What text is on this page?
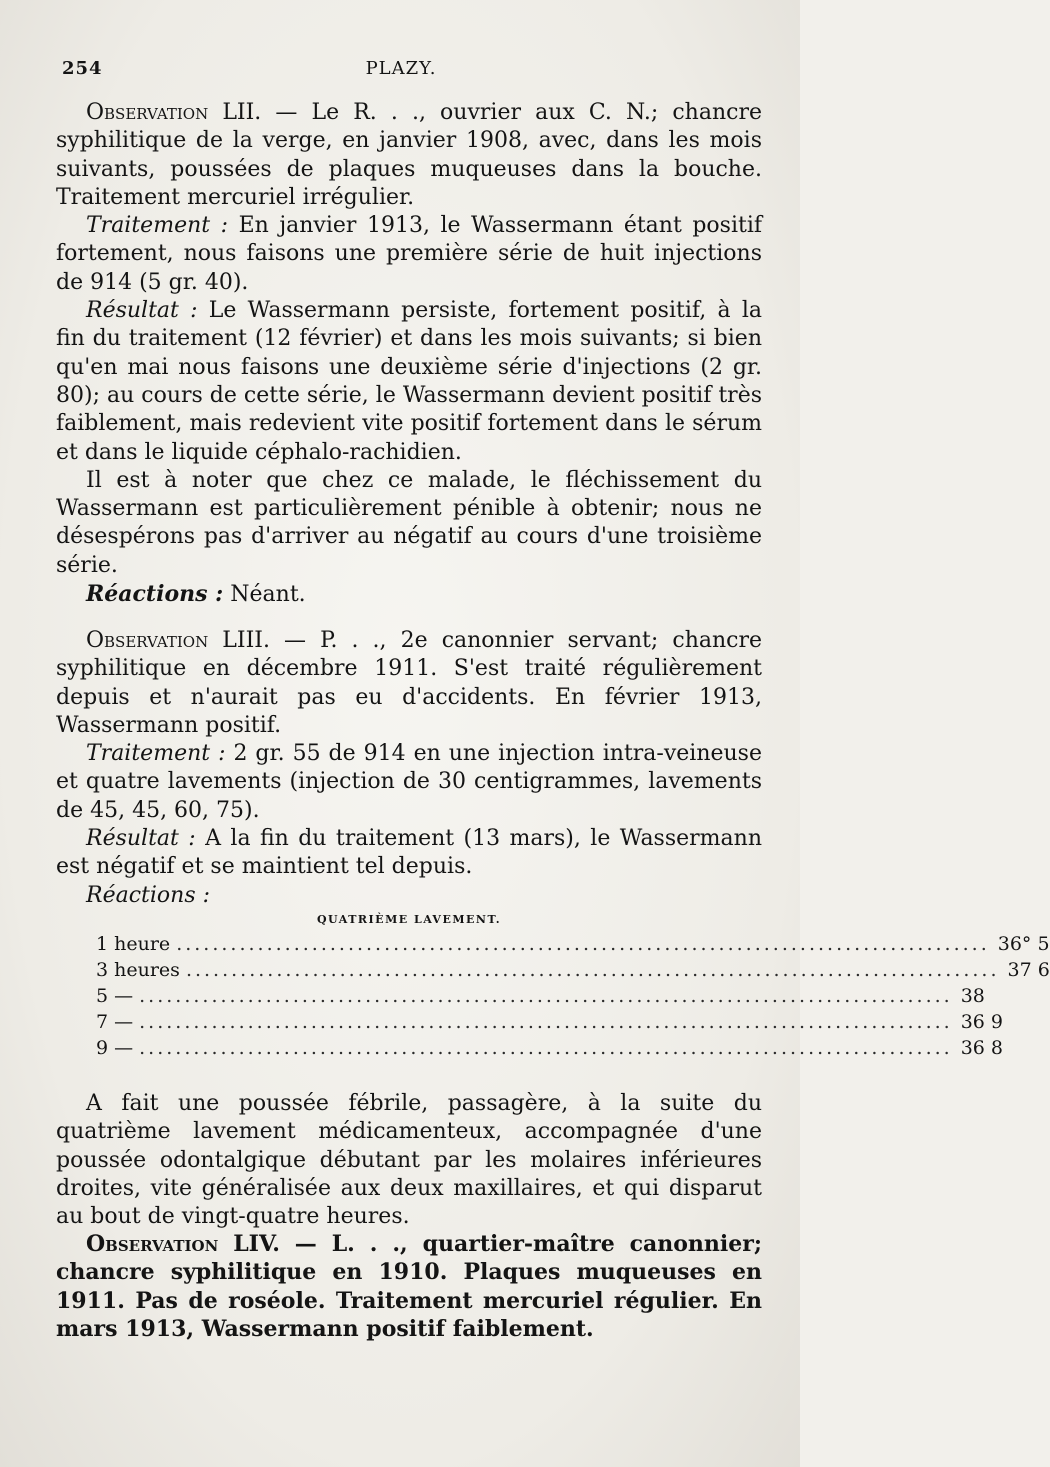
254	PLAZY.

Observation LII. — Le R. . ., ouvrier aux C. N.; chancre syphilitique de la verge, en janvier 1908, avec, dans les mois suivants, poussées de plaques muqueuses dans la bouche. Traitement mercuriel irrégulier.

Traitement : En janvier 1913, le Wassermann étant positif fortement, nous faisons une première série de huit injections de 914 (5 gr. 40).

Résultat : Le Wassermann persiste, fortement positif, à la fin du traitement (12 février) et dans les mois suivants; si bien qu'en mai nous faisons une deuxième série d'injections (2 gr. 80); au cours de cette série, le Wassermann devient positif très faiblement, mais redevient vite positif fortement dans le sérum et dans le liquide céphalo-rachidien.

Il est à noter que chez ce malade, le fléchissement du Wassermann est particulièrement pénible à obtenir; nous ne désespérons pas d'arriver au négatif au cours d'une troisième série.

Réactions : Néant.

Observation LIII. — P. . ., 2e canonnier servant; chancre syphilitique en décembre 1911. S'est traité régulièrement depuis et n'aurait pas eu d'accidents. En février 1913, Wassermann positif.

Traitement : 2 gr. 55 de 914 en une injection intra-veineuse et quatre lavements (injection de 30 centigrammes, lavements de 45, 45, 60, 75).

Résultat : A la fin du traitement (13 mars), le Wassermann est négatif et se maintient tel depuis.

Réactions :

QUATRIÈME LAVEMENT.
1 heure .......................................................................................... 36° 5
3 heures .......................................................................................... 37 6
5 — .......................................................................................... 38
7 — .......................................................................................... 36 9
9 — .......................................................................................... 36 8

A fait une poussée fébrile, passagère, à la suite du quatrième lavement médicamenteux, accompagnée d'une poussée odontalgique débutant par les molaires inférieures droites, vite généralisée aux deux maxillaires, et qui disparut au bout de vingt-quatre heures.

Observation LIV. — L. . ., quartier-maître canonnier; chancre syphilitique en 1910. Plaques muqueuses en 1911. Pas de roséole. Traitement mercuriel régulier. En mars 1913, Wassermann positif faiblement.
